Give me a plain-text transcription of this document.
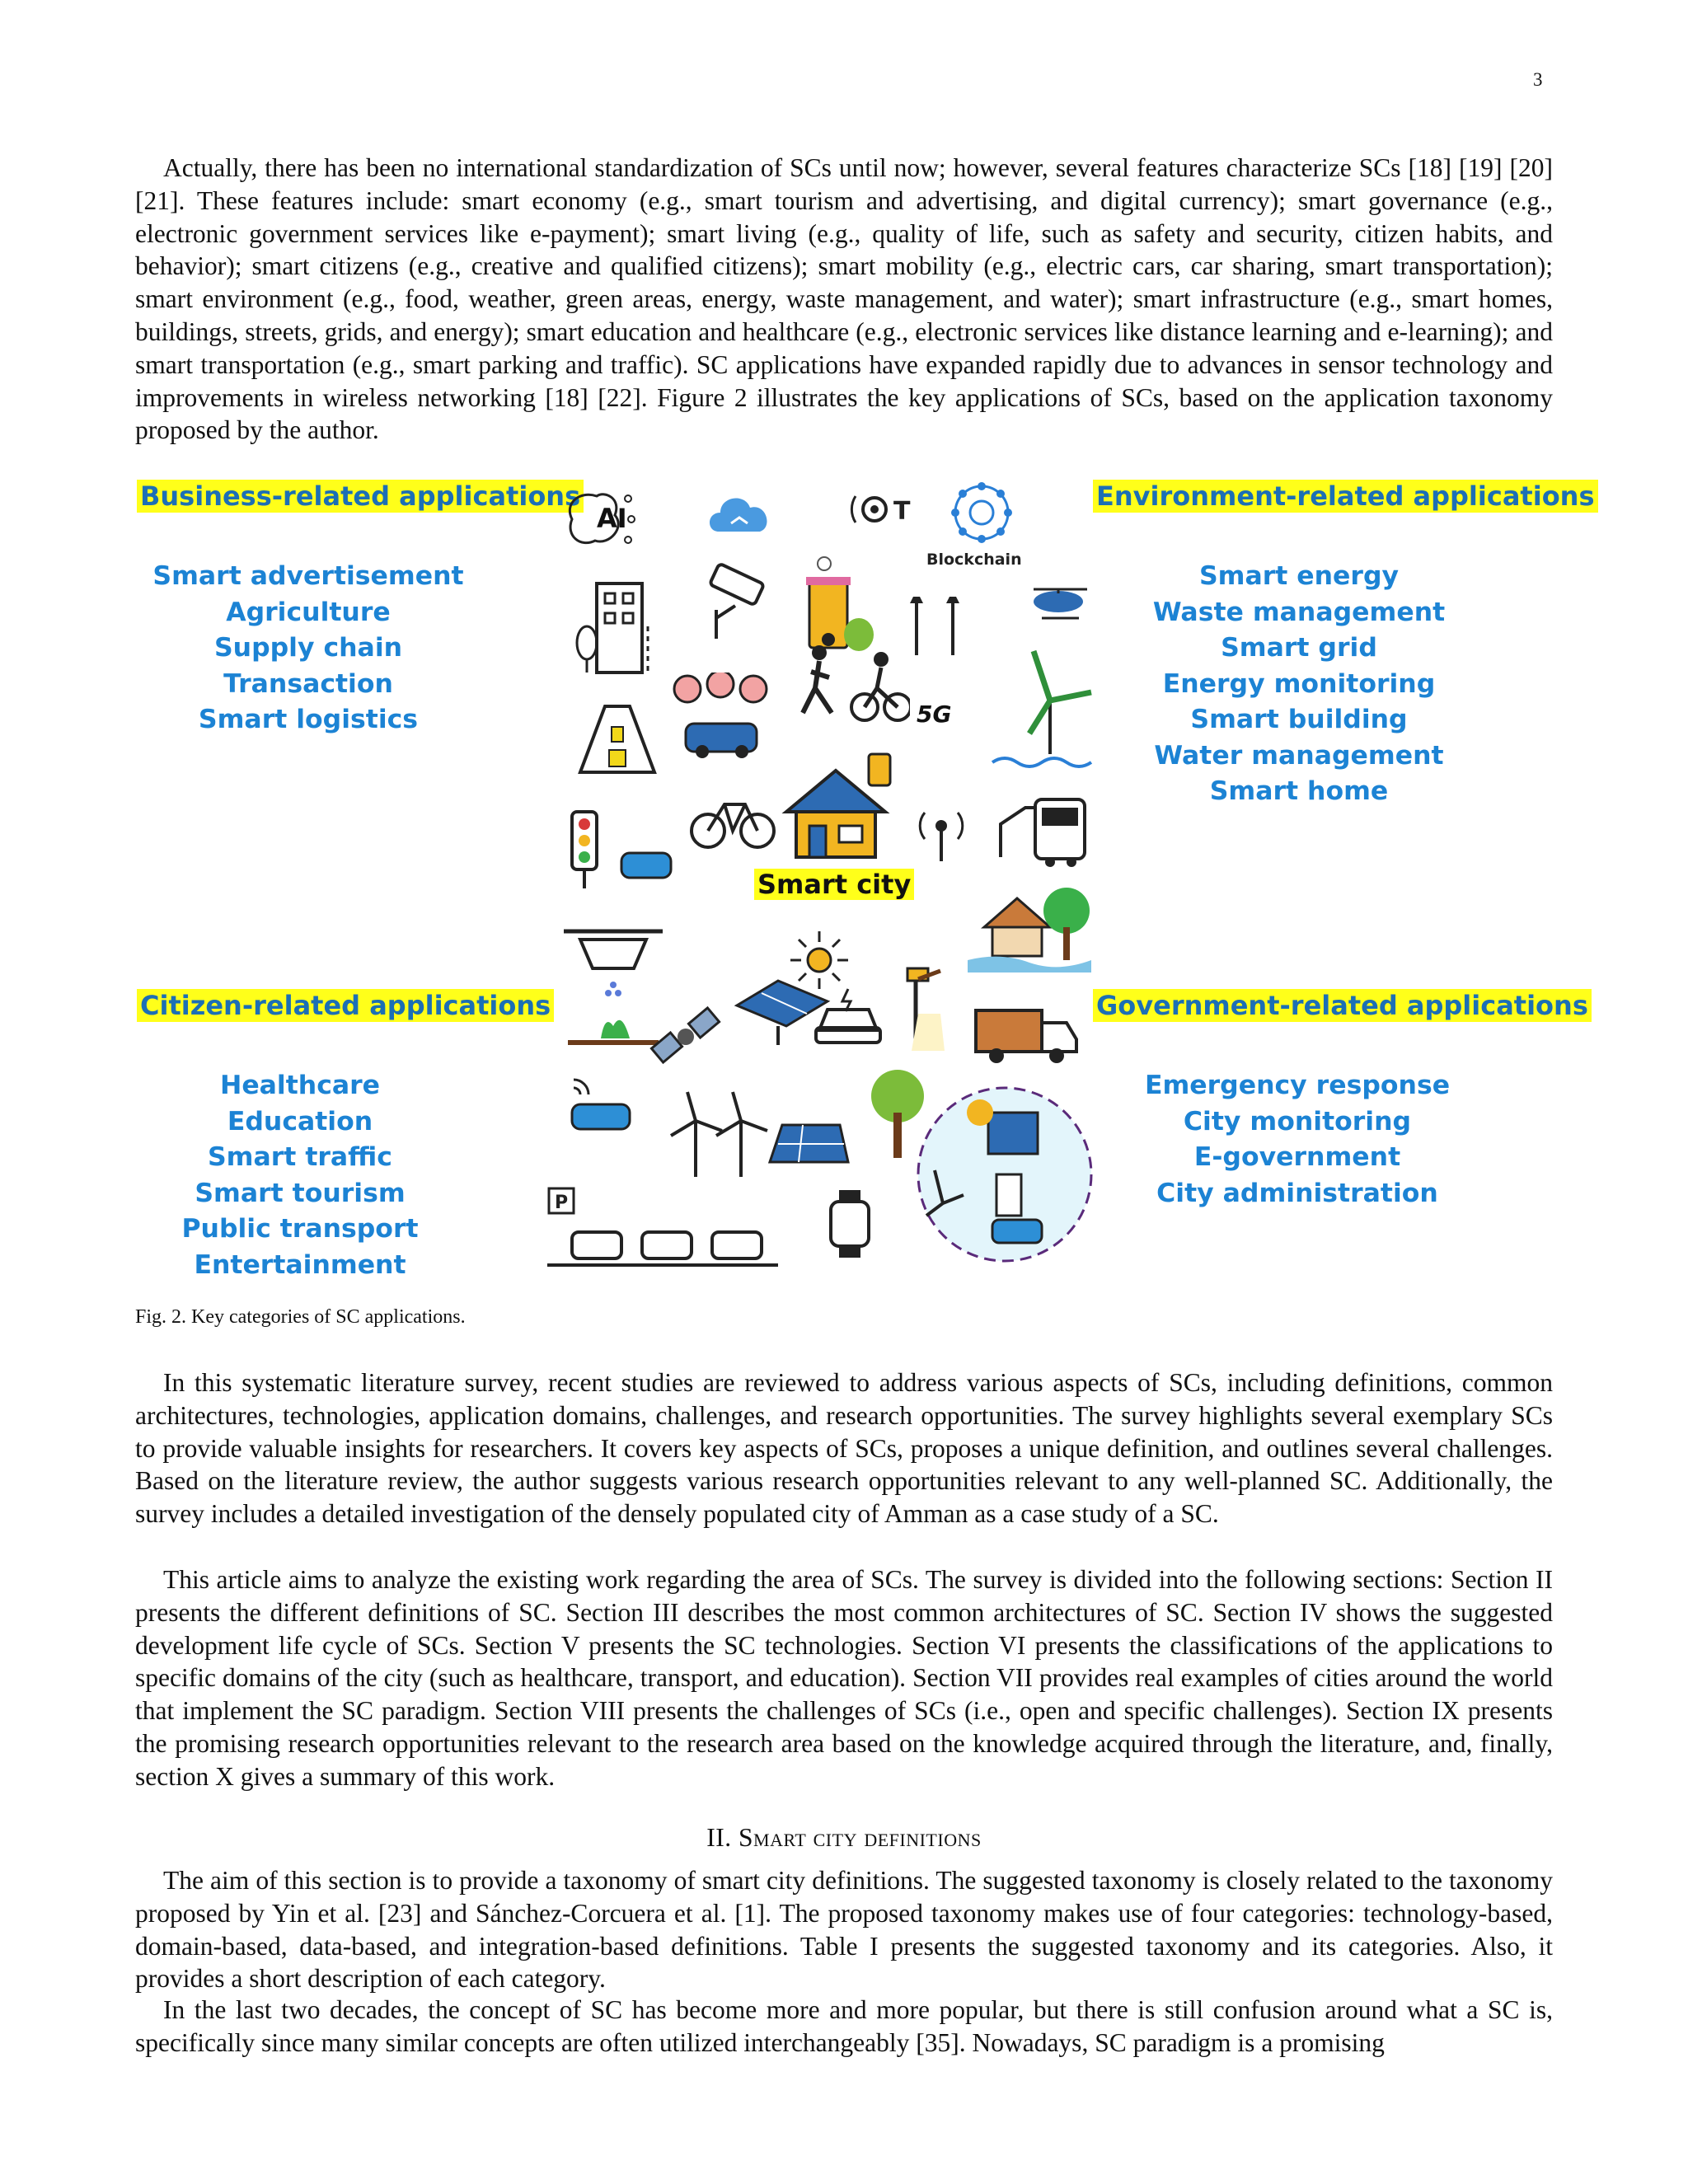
3

Actually, there has been no international standardization of SCs until now; however, several features characterize SCs [18] [19] [20] [21]. These features include: smart economy (e.g., smart tourism and advertising, and digital currency); smart governance (e.g., electronic government services like e-payment); smart living (e.g., quality of life, such as safety and security, citizen habits, and behavior); smart citizens (e.g., creative and qualified citizens); smart mobility (e.g., electric cars, car sharing, smart transportation); smart environment (e.g., food, weather, green areas, energy, waste management, and water); smart infrastructure (e.g., smart homes, buildings, streets, grids, and energy); smart education and healthcare (e.g., electronic services like distance learning and e-learning); and smart transportation (e.g., smart parking and traffic). SC applications have expanded rapidly due to advances in sensor technology and improvements in wireless networking [18] [22]. Figure 2 illustrates the key applications of SCs, based on the application taxonomy proposed by the author.

Business-related applications	Environment-related applications
Citizen-related applications	Government-related applications
Smart advertisement
Agriculture
Supply chain
Transaction
Smart logistics
Smart energy
Waste management
Smart grid
Energy monitoring
Smart building
Water management
Smart home
Healthcare
Education
Smart traffic
Smart tourism
Public transport
Entertainment
Emergency response
City monitoring
E-government
City administration
AI	T
Blockchain
5G
Smart city
P
Fig. 2. Key categories of SC applications.

In this systematic literature survey, recent studies are reviewed to address various aspects of SCs, including definitions, common architectures, technologies, application domains, challenges, and research opportunities. The survey highlights several exemplary SCs to provide valuable insights for researchers. It covers key aspects of SCs, proposes a unique definition, and outlines several challenges. Based on the literature review, the author suggests various research opportunities relevant to any well-planned SC. Additionally, the survey includes a detailed investigation of the densely populated city of Amman as a case study of a SC.

This article aims to analyze the existing work regarding the area of SCs. The survey is divided into the following sections: Section II presents the different definitions of SC. Section III describes the most common architectures of SC. Section IV shows the suggested development life cycle of SCs. Section V presents the SC technologies. Section VI presents the classifications of the applications to specific domains of the city (such as healthcare, transport, and education). Section VII provides real examples of cities around the world that implement the SC paradigm. Section VIII presents the challenges of SCs (i.e., open and specific challenges). Section IX presents the promising research opportunities relevant to the research area based on the knowledge acquired through the literature, and, finally, section X gives a summary of this work.

II. Smart city definitions

The aim of this section is to provide a taxonomy of smart city definitions. The suggested taxonomy is closely related to the taxonomy proposed by Yin et al. [23] and Sánchez-Corcuera et al. [1]. The proposed taxonomy makes use of four categories: technology-based, domain-based, data-based, and integration-based definitions. Table I presents the suggested taxonomy and its categories. Also, it provides a short description of each category.

In the last two decades, the concept of SC has become more and more popular, but there is still confusion around what a SC is, specifically since many similar concepts are often utilized interchangeably [35]. Nowadays, SC paradigm is a promising
